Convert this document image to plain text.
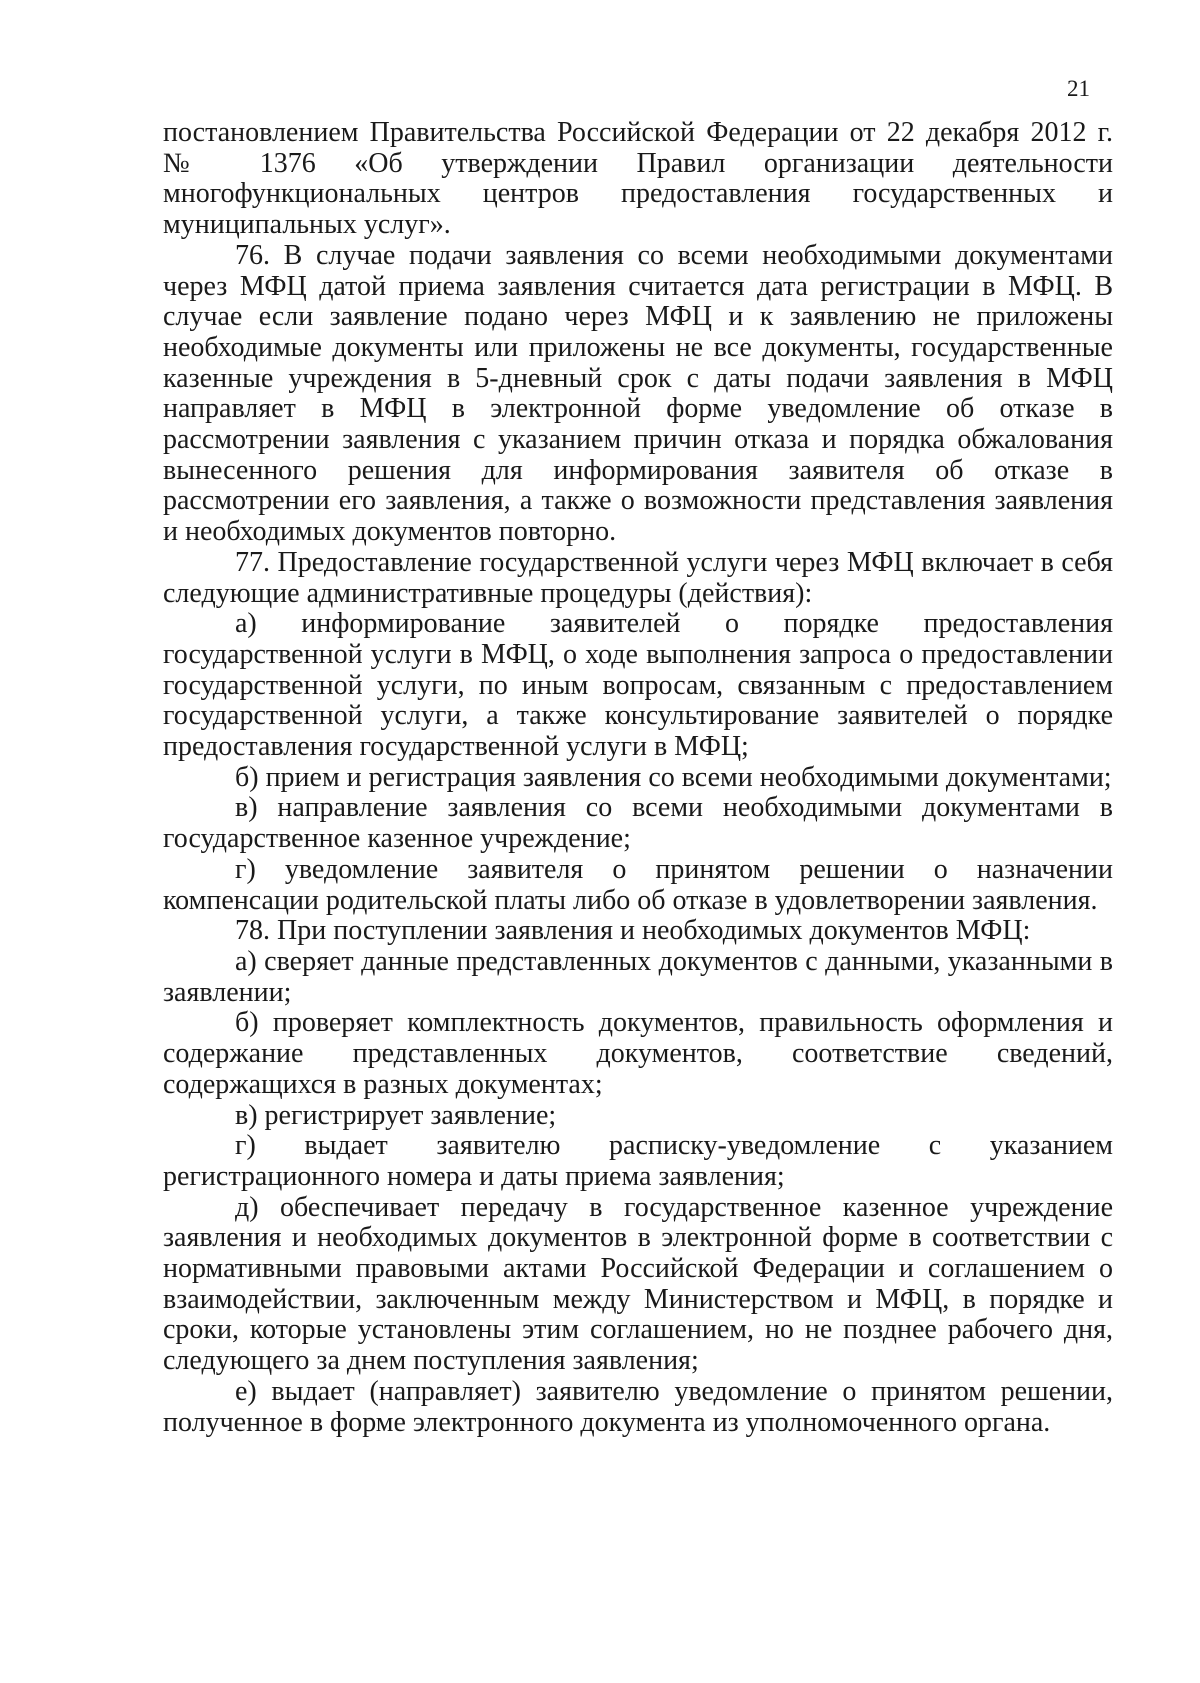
21

постановлением Правительства Российской Федерации от 22 декабря 2012 г.

№ 1376 «Об утверждении Правил организации деятельности

многофункциональных центров предоставления государственных и

муниципальных услуг».

76. В случае подачи заявления со всеми необходимыми документами через МФЦ датой приема заявления считается дата регистрации в МФЦ. В случае если заявление подано через МФЦ и к заявлению не приложены необходимые документы или приложены не все документы, государственные казенные учреждения в 5-дневный срок с даты подачи заявления в МФЦ направляет в МФЦ в электронной форме уведомление об отказе в рассмотрении заявления с указанием причин отказа и порядка обжалования вынесенного решения для информирования заявителя об отказе в рассмотрении его заявления, а также о возможности представления заявления и необходимых документов повторно.

77. Предоставление государственной услуги через МФЦ включает в себя следующие административные процедуры (действия):

а) информирование заявителей о порядке предоставления государственной услуги в МФЦ, о ходе выполнения запроса о предоставлении государственной услуги, по иным вопросам, связанным с предоставлением государственной услуги, а также консультирование заявителей о порядке предоставления государственной услуги в МФЦ;

б) прием и регистрация заявления со всеми необходимыми документами;

в) направление заявления со всеми необходимыми документами в государственное казенное учреждение;

г) уведомление заявителя о принятом решении о назначении компенсации родительской платы либо об отказе в удовлетворении заявления.

78. При поступлении заявления и необходимых документов МФЦ:

а) сверяет данные представленных документов с данными, указанными в заявлении;

б) проверяет комплектность документов, правильность оформления и содержание представленных документов, соответствие сведений, содержащихся в разных документах;

в) регистрирует заявление;

г) выдает заявителю расписку-уведомление с указанием регистрационного номера и даты приема заявления;

д) обеспечивает передачу в государственное казенное учреждение заявления и необходимых документов в электронной форме в соответствии с нормативными правовыми актами Российской Федерации и соглашением о взаимодействии, заключенным между Министерством и МФЦ, в порядке и сроки, которые установлены этим соглашением, но не позднее рабочего дня, следующего за днем поступления заявления;

е) выдает (направляет) заявителю уведомление о принятом решении, полученное в форме электронного документа из уполномоченного органа.
